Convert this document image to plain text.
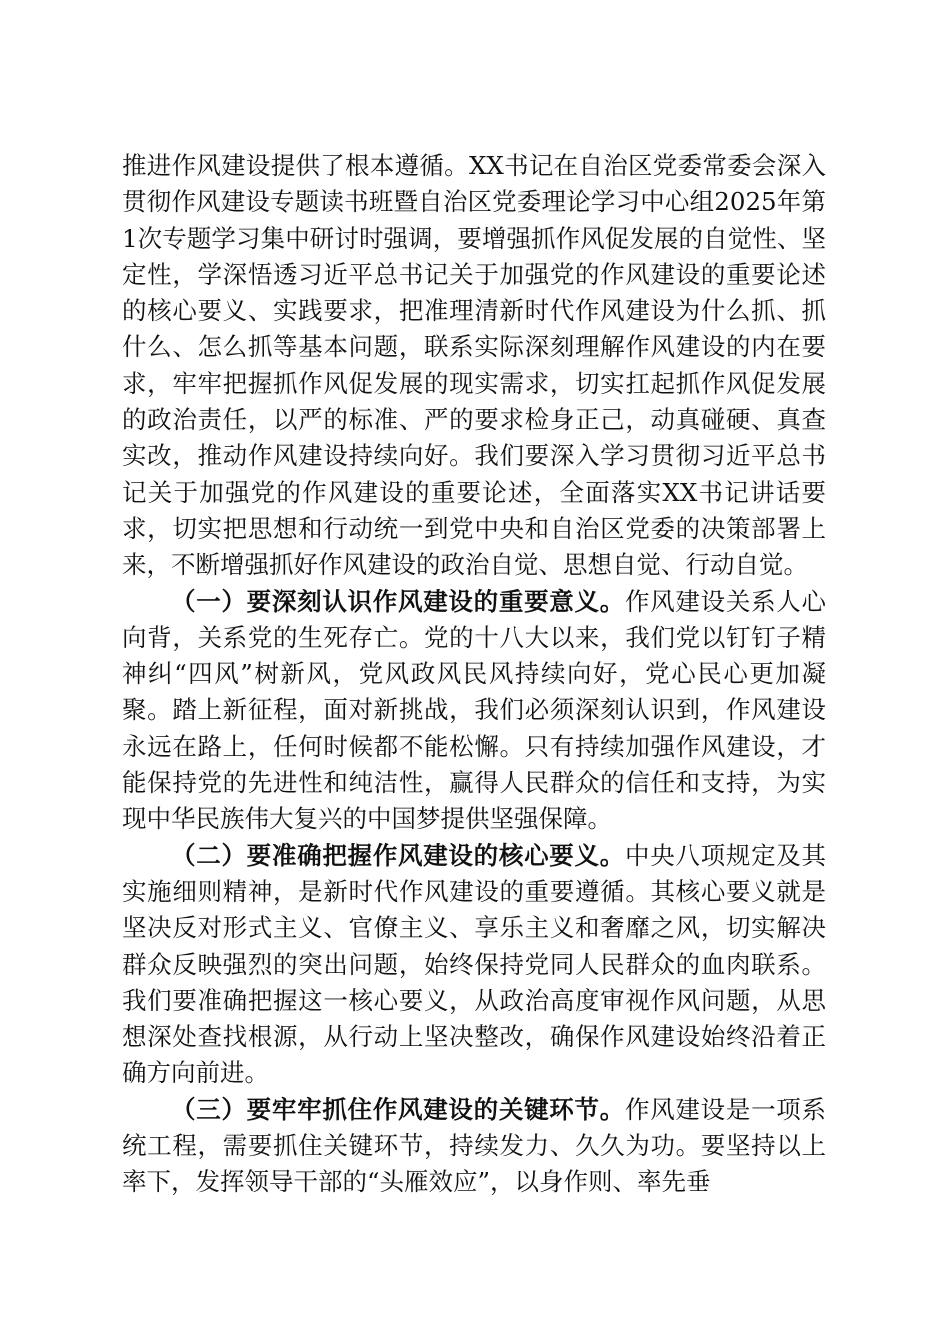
推进作风建设提供了根本遵循。XX书记在自治区党委常委会深入贯彻作风建设专题读书班暨自治区党委理论学习中心组2025年第1次专题学习集中研讨时强调，要增强抓作风促发展的自觉性、坚定性，学深悟透习近平总书记关于加强党的作风建设的重要论述的核心要义、实践要求，把准理清新时代作风建设为什么抓、抓什么、怎么抓等基本问题，联系实际深刻理解作风建设的内在要求，牢牢把握抓作风促发展的现实需求，切实扛起抓作风促发展的政治责任，以严的标准、严的要求检身正己，动真碰硬、真查实改，推动作风建设持续向好。我们要深入学习贯彻习近平总书记关于加强党的作风建设的重要论述，全面落实XX书记讲话要求，切实把思想和行动统一到党中央和自治区党委的决策部署上来，不断增强抓好作风建设的政治自觉、思想自觉、行动自觉。

（一）要深刻认识作风建设的重要意义。作风建设关系人心向背，关系党的生死存亡。党的十八大以来，我们党以钉钉子精神纠“四风”树新风，党风政风民风持续向好，党心民心更加凝聚。踏上新征程，面对新挑战，我们必须深刻认识到，作风建设永远在路上，任何时候都不能松懈。只有持续加强作风建设，才能保持党的先进性和纯洁性，赢得人民群众的信任和支持，为实现中华民族伟大复兴的中国梦提供坚强保障。

（二）要准确把握作风建设的核心要义。中央八项规定及其实施细则精神，是新时代作风建设的重要遵循。其核心要义就是坚决反对形式主义、官僚主义、享乐主义和奢靡之风，切实解决群众反映强烈的突出问题，始终保持党同人民群众的血肉联系。我们要准确把握这一核心要义，从政治高度审视作风问题，从思想深处查找根源，从行动上坚决整改，确保作风建设始终沿着正确方向前进。

（三）要牢牢抓住作风建设的关键环节。作风建设是一项系统工程，需要抓住关键环节，持续发力、久久为功。要坚持以上率下，发挥领导干部的“头雁效应”，以身作则、率先垂
